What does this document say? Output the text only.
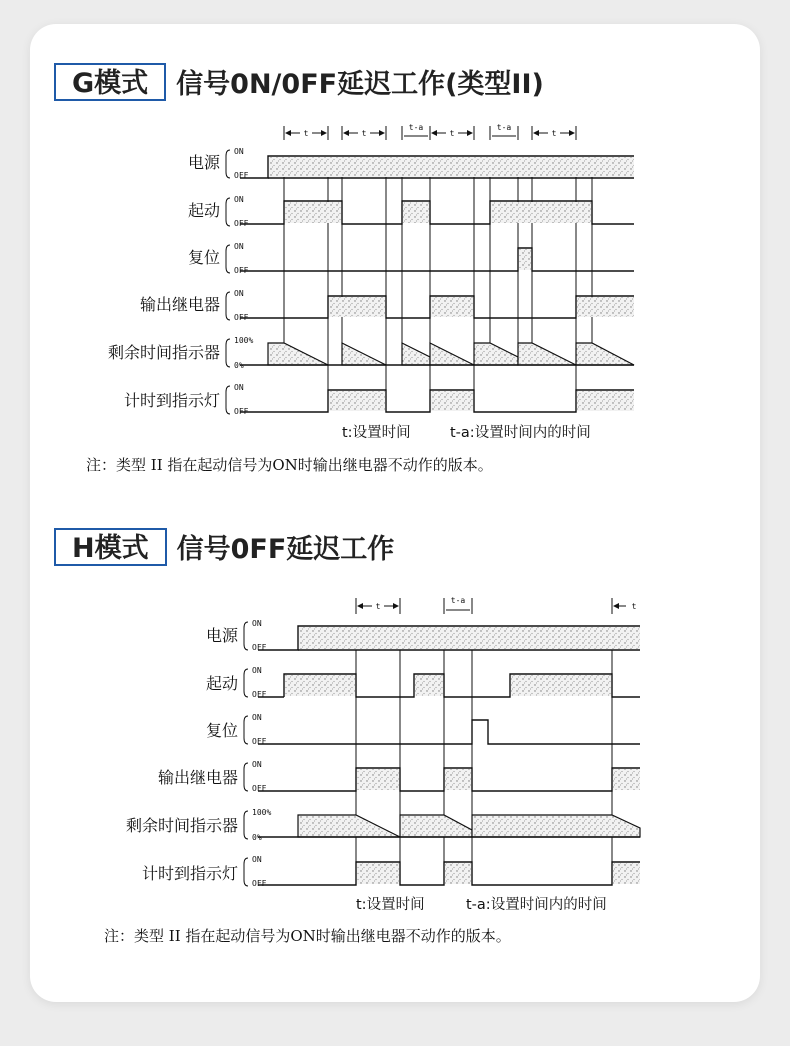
G模式	信号0N/0FF延迟工作(类型II)
H模式	信号0FF延迟工作
电源
起动
复位
输出继电器
剩余时间指示器
计时到指示灯
ON
OFF
ON
OFF
ON
OFF
ON
OFF
100%
0%
ON
OFF
t	t
t-a
t
t-a
t
t:设置时间	t-a:设置时间内的时间
注：类型 II 指在起动信号为ON时输出继电器不动作的版本。
电源
起动
复位
输出继电器
剩余时间指示器
计时到指示灯
ON
OFF
ON
OFF
ON
OFF
ON
OFF
100%
0%
ON
OFF
t
t-a
t
t:设置时间	t-a:设置时间内的时间
注：类型 II 指在起动信号为ON时输出继电器不动作的版本。
